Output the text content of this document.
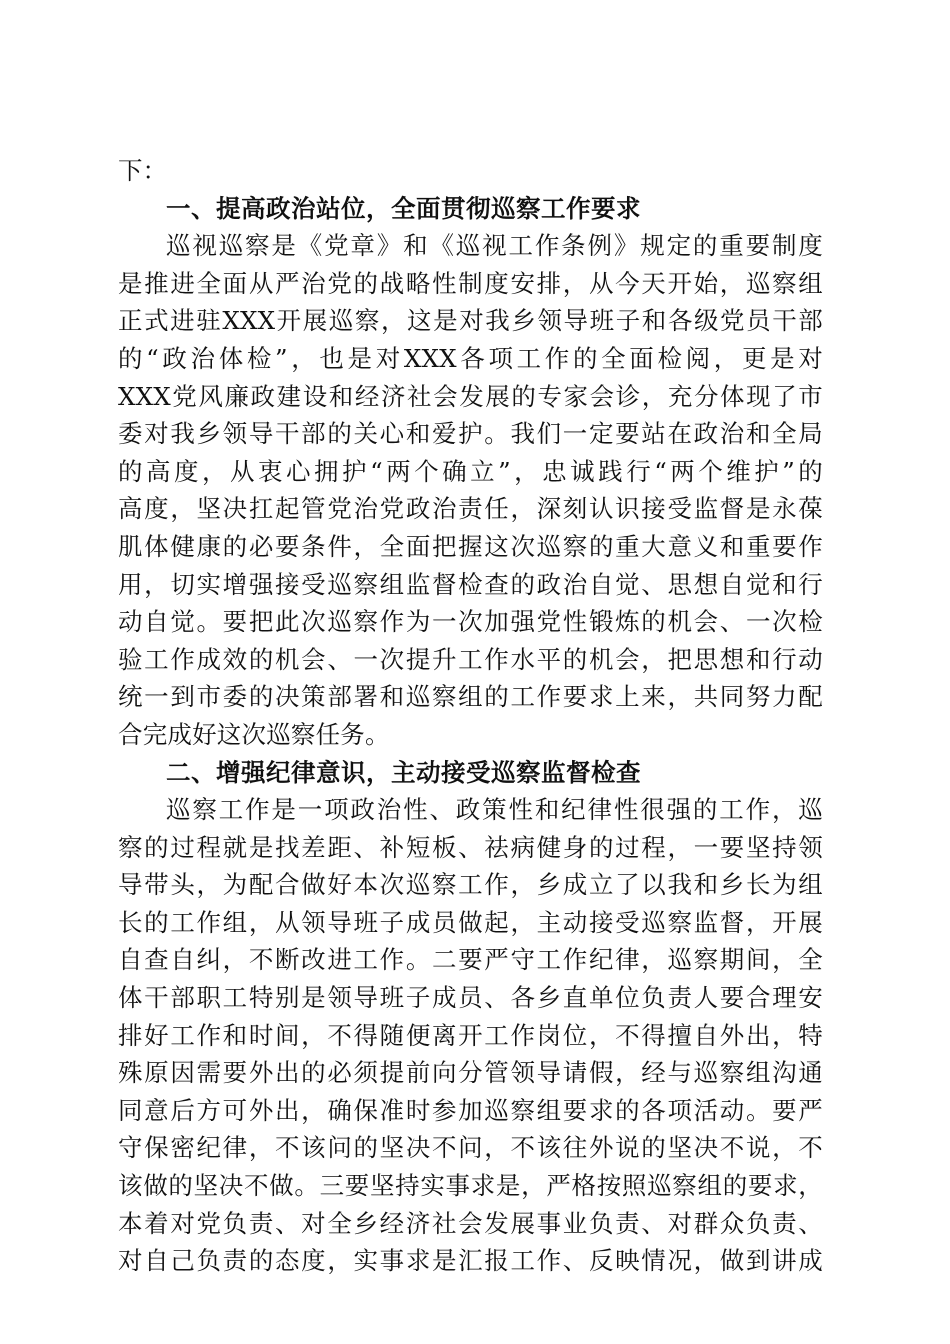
下：
一、提高政治站位，全面贯彻巡察工作要求

巡视巡察是《党章》和《巡视工作条例》规定的重要制度

是推进全面从严治党的战略性制度安排，从今天开始，巡察组

正式进驻XXX开展巡察，这是对我乡领导班子和各级党员干部

的“政治体检”，也是对XXX各项工作的全面检阅，更是对

XXX党风廉政建设和经济社会发展的专家会诊，充分体现了市

委对我乡领导干部的关心和爱护。我们一定要站在政治和全局

的高度，从衷心拥护“两个确立”，忠诚践行“两个维护”的

高度，坚决扛起管党治党政治责任，深刻认识接受监督是永葆

肌体健康的必要条件，全面把握这次巡察的重大意义和重要作

用，切实增强接受巡察组监督检查的政治自觉、思想自觉和行

动自觉。要把此次巡察作为一次加强党性锻炼的机会、一次检

验工作成效的机会、一次提升工作水平的机会，把思想和行动

统一到市委的决策部署和巡察组的工作要求上来，共同努力配

合完成好这次巡察任务。

二、增强纪律意识，主动接受巡察监督检查

巡察工作是一项政治性、政策性和纪律性很强的工作，巡

察的过程就是找差距、补短板、祛病健身的过程，一要坚持领

导带头，为配合做好本次巡察工作，乡成立了以我和乡长为组

长的工作组，从领导班子成员做起，主动接受巡察监督，开展

自查自纠，不断改进工作。二要严守工作纪律，巡察期间，全

体干部职工特别是领导班子成员、各乡直单位负责人要合理安

排好工作和时间，不得随便离开工作岗位，不得擅自外出，特

殊原因需要外出的必须提前向分管领导请假，经与巡察组沟通

同意后方可外出，确保准时参加巡察组要求的各项活动。要严

守保密纪律，不该问的坚决不问，不该往外说的坚决不说，不

该做的坚决不做。三要坚持实事求是，严格按照巡察组的要求，

本着对党负责、对全乡经济社会发展事业负责、对群众负责、

对自己负责的态度，实事求是汇报工作、反映情况，做到讲成
